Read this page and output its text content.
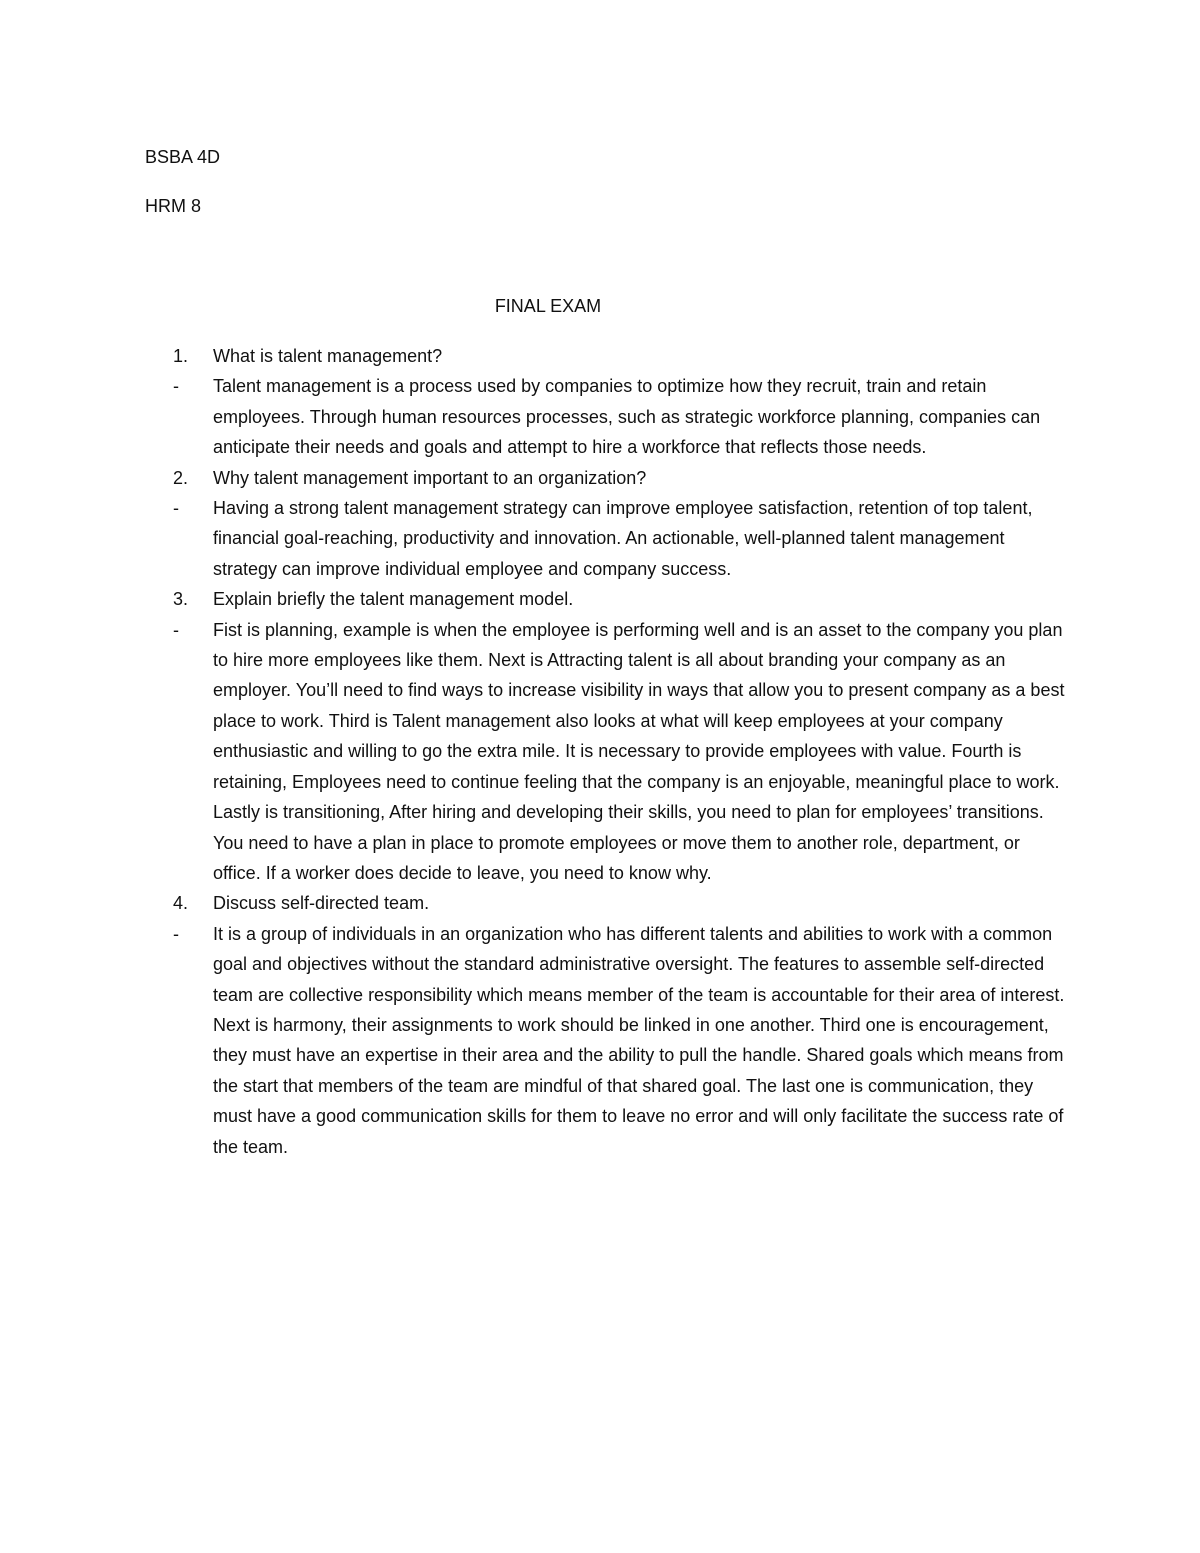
BSBA 4D
HRM 8
FINAL EXAM
1.	What is talent management?
-	Talent management is a process used by companies to optimize how they recruit, train and retain employees. Through human resources processes, such as strategic workforce planning, companies can anticipate their needs and goals and attempt to hire a workforce that reflects those needs.
2.	Why talent management important to an organization?
-	Having a strong talent management strategy can improve employee satisfaction, retention of top talent, financial goal-reaching, productivity and innovation. An actionable, well-planned talent management strategy can improve individual employee and company success.
3.	Explain briefly the talent management model.
-	Fist is planning, example is when the employee is performing well and is an asset to the company you plan to hire more employees like them. Next is Attracting talent is all about branding your company as an employer. You’ll need to find ways to increase visibility in ways that allow you to present company as a best place to work. Third is Talent management also looks at what will keep employees at your company enthusiastic and willing to go the extra mile. It is necessary to provide employees with value. Fourth is retaining, Employees need to continue feeling that the company is an enjoyable, meaningful place to work. Lastly is transitioning, After hiring and developing their skills, you need to plan for employees’ transitions. You need to have a plan in place to promote employees or move them to another role, department, or office. If a worker does decide to leave, you need to know why.
4.	Discuss self-directed team.
-	It is a group of individuals in an organization who has different talents and abilities to work with a common goal and objectives without the standard administrative oversight. The features to assemble self-directed team are collective responsibility which means member of the team is accountable for their area of interest. Next is harmony, their assignments to work should be linked in one another. Third one is encouragement, they must have an expertise in their area and the ability to pull the handle. Shared goals which means from the start that members of the team are mindful of that shared goal. The last one is communication, they must have a good communication skills for them to leave no error and will only facilitate the success rate of the team.
